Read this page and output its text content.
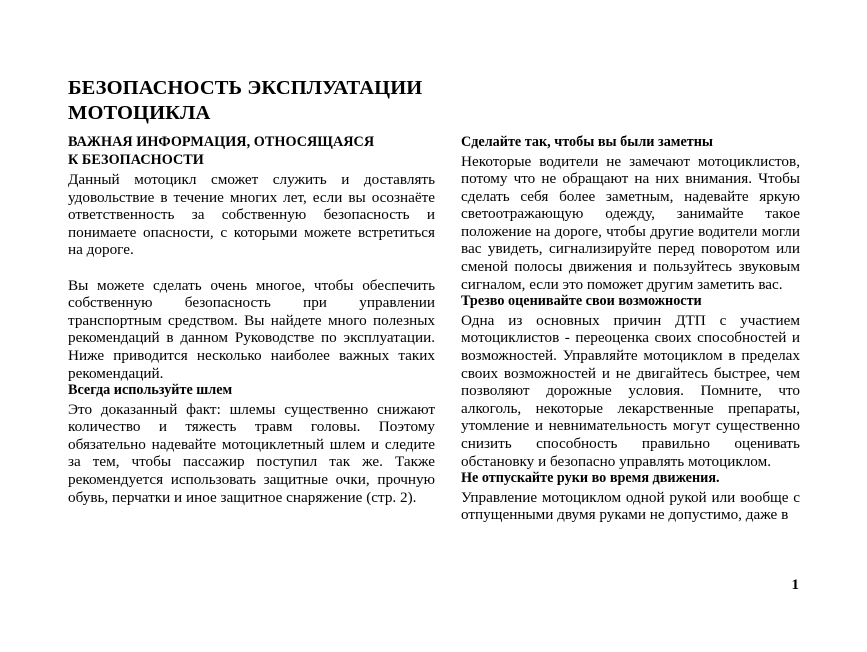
БЕЗОПАСНОСТЬ ЭКСПЛУАТАЦИИ
МОТОЦИКЛА
ВАЖНАЯ ИНФОРМАЦИЯ, ОТНОСЯЩАЯСЯ
К БЕЗОПАСНОСТИ

Данный мотоцикл сможет служить и доставлять удовольствие в течение многих лет, если вы осознаёте ответственность за собственную безопасность и понимаете опасности, с которыми можете встретиться на дороге.

Вы можете сделать очень многое, чтобы обеспечить собственную безопасность при управлении транспортным средством. Вы найдете много полезных рекомендаций в данном Руководстве по эксплуатации. Ниже приводится несколько наиболее важных таких рекомендаций.

Всегда используйте шлем

Это доказанный факт: шлемы существенно снижают количество и тяжесть травм головы. Поэтому обязательно надевайте мотоциклетный шлем и следите за тем, чтобы пассажир поступил так же. Также рекомендуется использовать защитные очки, прочную обувь, перчатки и иное защитное снаряжение (стр. 2).

Сделайте так, чтобы вы были заметны

Некоторые водители не замечают мотоциклистов, потому что не обращают на них внимания. Чтобы сделать себя более заметным, надевайте яркую светоотражающую одежду, занимайте такое положение на дороге, чтобы другие водители могли вас увидеть, сигнализируйте перед поворотом или сменой полосы движения и пользуйтесь звуковым сигналом, если это поможет другим заметить вас.

Трезво оценивайте свои возможности

Одна из основных причин ДТП с участием мотоциклистов - переоценка своих способностей и возможностей. Управляйте мотоциклом в пределах своих возможностей и не двигайтесь быстрее, чем позволяют дорожные условия. Помните, что алкоголь, некоторые лекарственные препараты, утомление и невнимательность могут существенно снизить способность правильно оценивать обстановку и безопасно управлять мотоциклом.

Не отпускайте руки во время движения.

Управление мотоциклом одной рукой или вообще с отпущенными двумя руками не допустимо, даже в

1
